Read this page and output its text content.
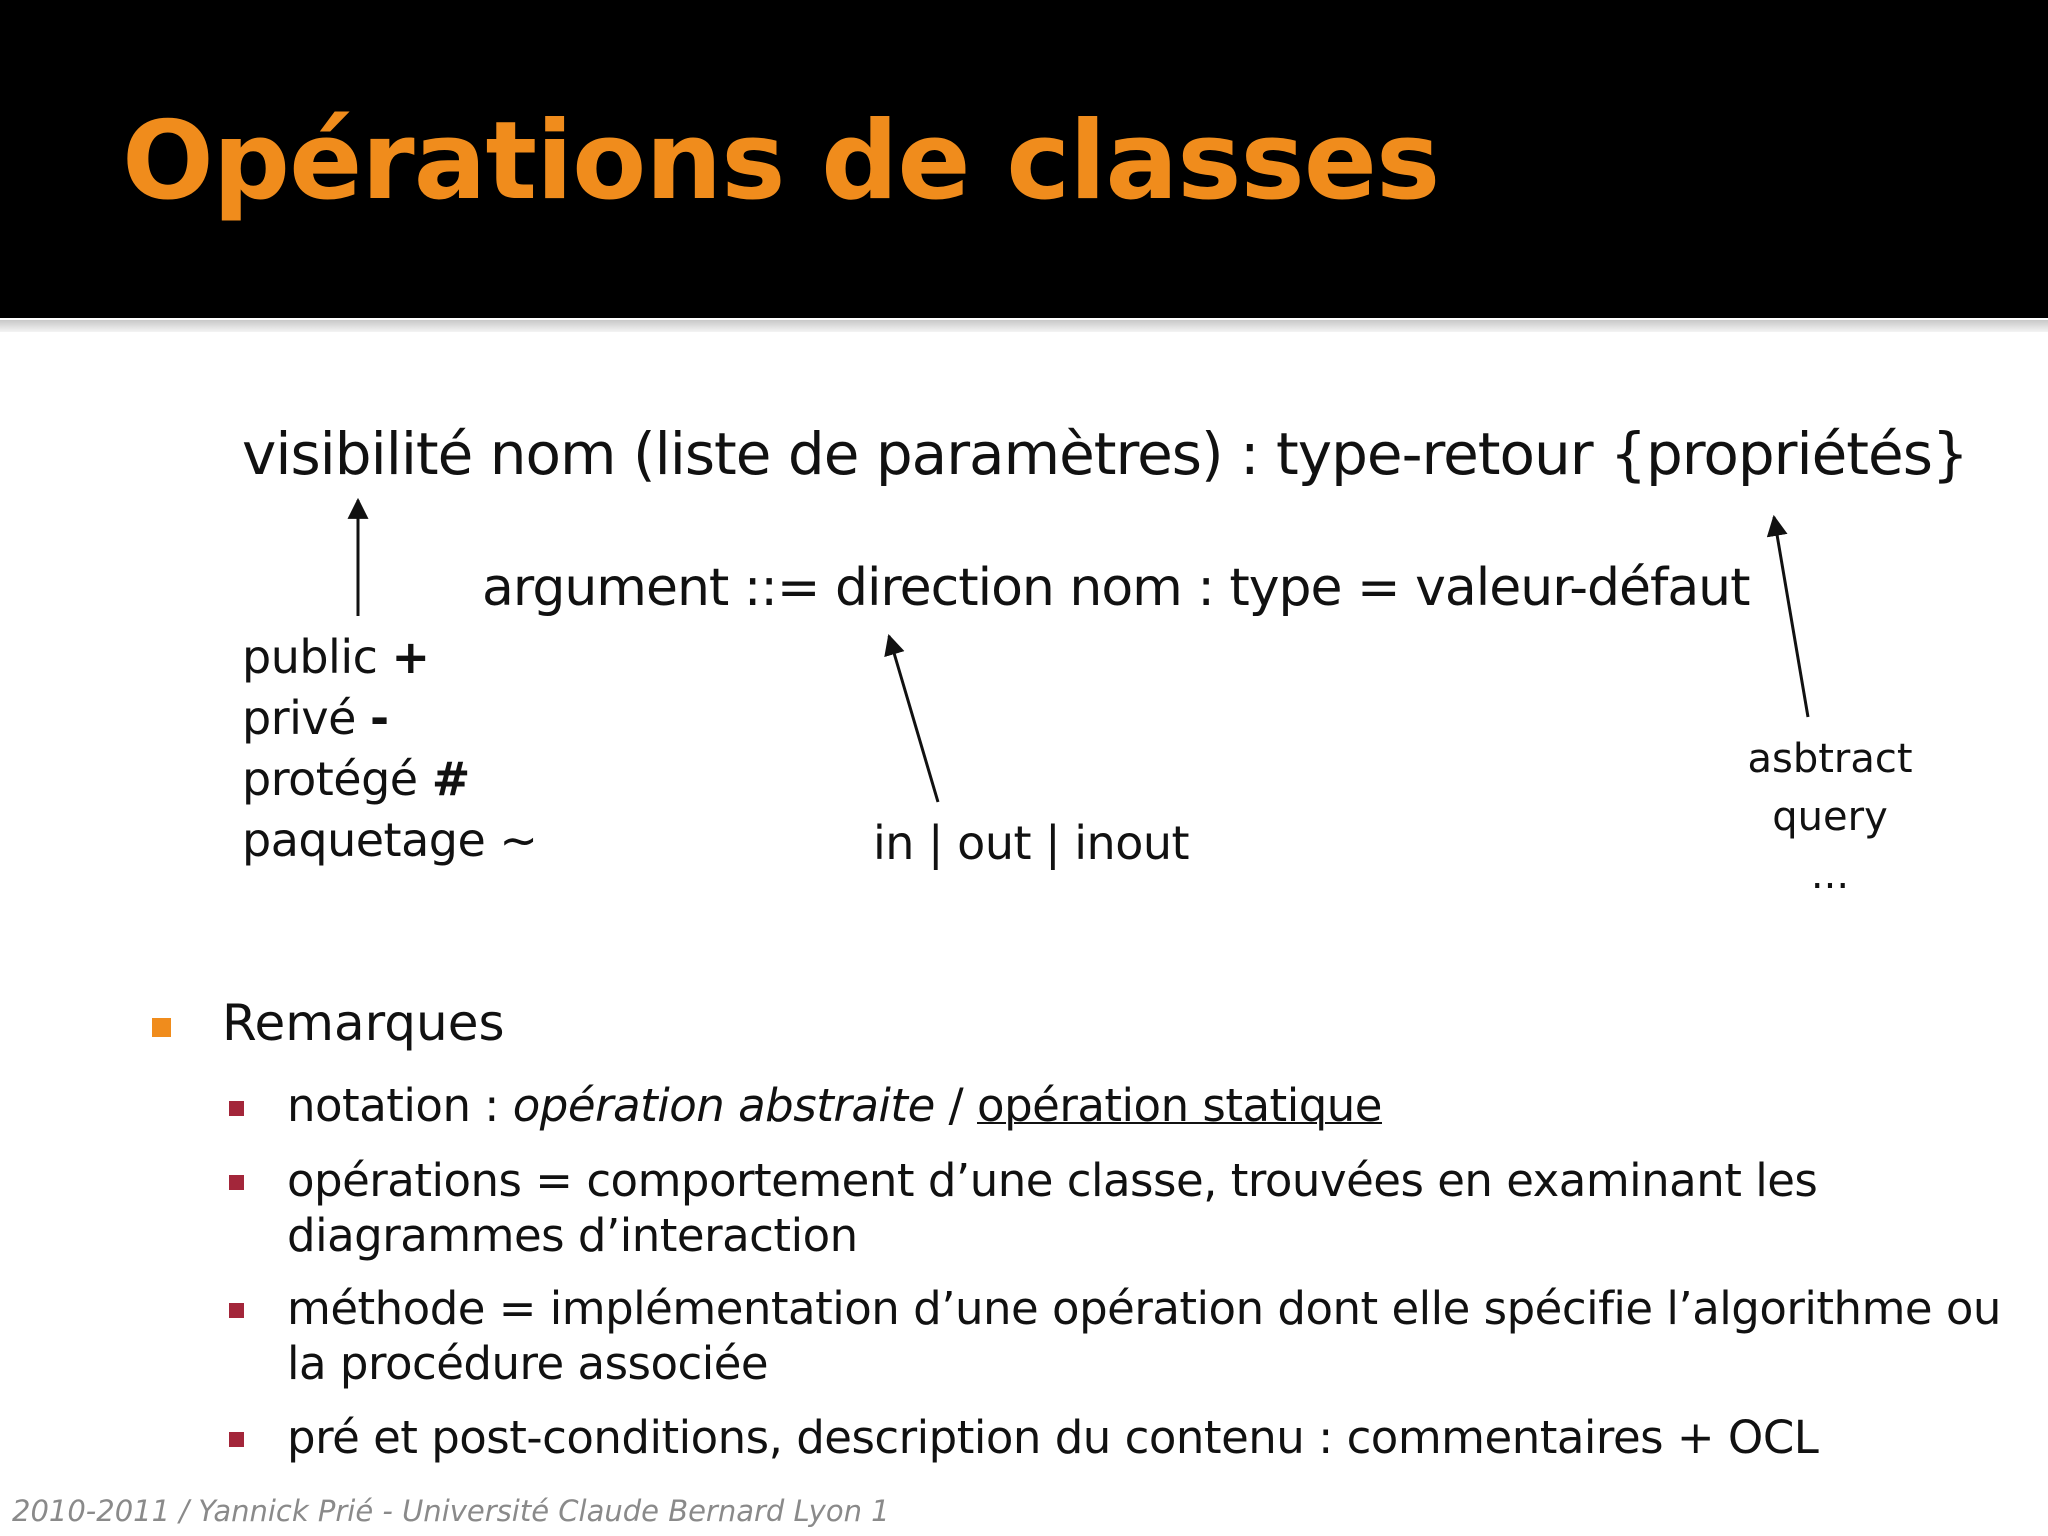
Opérations de classes
visibilité nom (liste de paramètres) : type-retour {propriétés}
argument ::= direction nom : type = valeur-défaut
public +
privé -
protégé #
paquetage ~	in | out | inout
asbtract
query
...
Remarques
notation : opération abstraite / opération statique
opérations = comportement d’une classe, trouvées en examinant les
diagrammes d’interaction
méthode = implémentation d’une opération dont elle spécifie l’algorithme ou
la procédure associée
pré et post-conditions, description du contenu : commentaires + OCL
2010-2011 / Yannick Prié - Université Claude Bernard Lyon 1
